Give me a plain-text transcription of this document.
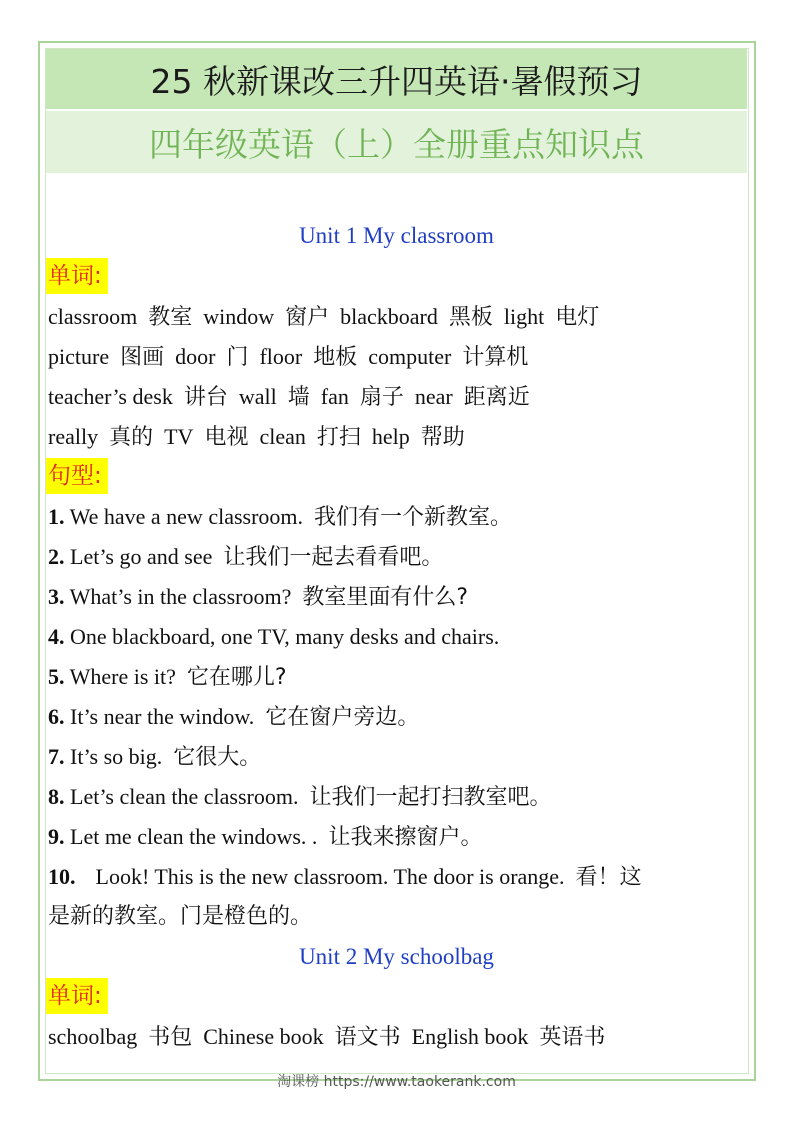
25 秋新课改三升四英语·暑假预习
四年级英语（上）全册重点知识点
Unit 1 My classroom
单词:
classroom 教室 window 窗户 blackboard 黑板 light 电灯
picture 图画 door 门 floor 地板 computer 计算机
teacher’s desk 讲台 wall 墙 fan 扇子 near 距离近
really 真的 TV 电视 clean 打扫 help 帮助
句型:
1. We have a new classroom. 我们有一个新教室。
2. Let’s go and see 让我们一起去看看吧。
3. What’s in the classroom? 教室里面有什么?
4. One blackboard, one TV, many desks and chairs.
5. Where is it? 它在哪儿?
6. It’s near the window. 它在窗户旁边。
7. It’s so big. 它很大。
8. Let’s clean the classroom. 让我们一起打扫教室吧。
9. Let me clean the windows. . 让我来擦窗户。
10. Look! This is the new classroom. The door is orange. 看！这
是新的教室。门是橙色的。
Unit 2 My schoolbag
单词:
schoolbag 书包 Chinese book 语文书 English book 英语书
淘课榜 https://www.taokerank.com
